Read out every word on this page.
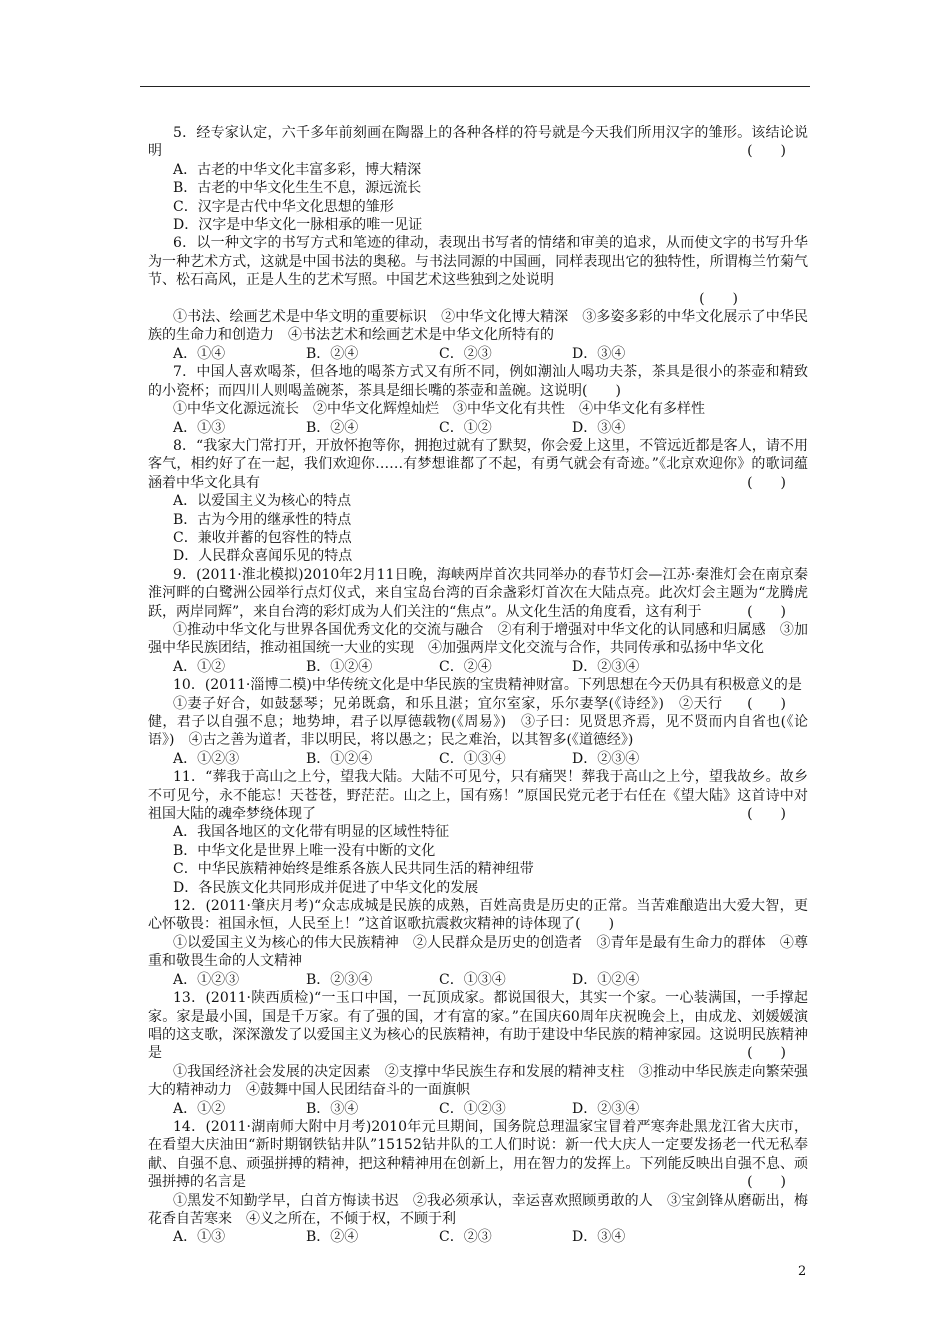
5．经专家认定，六千多年前刻画在陶器上的各种各样的符号就是今天我们所用汉字的雏形。该结论说明	(　　)

A．古老的中华文化丰富多彩，博大精深

B．古老的中华文化生生不息，源远流长

C．汉字是古代中华文化思想的雏形

D．汉字是中华文化一脉相承的唯一见证

6．以一种文字的书写方式和笔迹的律动，表现出书写者的情绪和审美的追求，从而使文字的书写升华为一种艺术方式，这就是中国书法的奥秘。与书法同源的中国画，同样表现出它的独特性，所谓梅兰竹菊气节、松石高风，正是人生的艺术写照。中国艺术这些独到之处说明

(　　)

①书法、绘画艺术是中华文明的重要标识　②中华文化博大精深　③多姿多彩的中华文化展示了中华民族的生命力和创造力　④书法艺术和绘画艺术是中华文化所特有的

A．①④	B．②④	C．②③	D．③④

7．中国人喜欢喝茶，但各地的喝茶方式又有所不同，例如潮汕人喝功夫茶，茶具是很小的茶壶和精致的小瓷杯；而四川人则喝盖碗茶，茶具是细长嘴的茶壶和盖碗。这说明(　　)

①中华文化源远流长　②中华文化辉煌灿烂　③中华文化有共性　④中华文化有多样性

A．①③	B．②④	C．①②	D．③④

8．“我家大门常打开，开放怀抱等你，拥抱过就有了默契，你会爱上这里，不管远近都是客人，请不用客气，相约好了在一起，我们欢迎你……有梦想谁都了不起，有勇气就会有奇迹。”《北京欢迎你》的歌词蕴涵着中华文化具有	(　　)

A．以爱国主义为核心的特点

B．古为今用的继承性的特点

C．兼收并蓄的包容性的特点

D．人民群众喜闻乐见的特点

9．(2011·淮北模拟)2010年2月11日晚，海峡两岸首次共同举办的春节灯会—江苏·秦淮灯会在南京秦淮河畔的白鹭洲公园举行点灯仪式，来自宝岛台湾的百余盏彩灯首次在大陆点亮。此次灯会主题为“龙腾虎跃，两岸同辉”，来自台湾的彩灯成为人们关注的“焦点”。从文化生活的角度看，这有利于	(　　)

①推动中华文化与世界各国优秀文化的交流与融合　②有利于增强对中华文化的认同感和归属感　③加强中华民族团结，推动祖国统一大业的实现　④加强两岸文化交流与合作，共同传承和弘扬中华文化

A．①②	B．①②④	C．②④	D．②③④

10．(2011·淄博二模)中华传统文化是中华民族的宝贵精神财富。下列思想在今天仍具有积极意义的是
(　　)

①妻子好合，如鼓瑟琴；兄弟既翕，和乐且湛；宜尔室家，乐尔妻孥(《诗经》)　②天行健，君子以自强不息；地势坤，君子以厚德载物(《周易》)　③子曰：见贤思齐焉，见不贤而内自省也(《论语》)　④古之善为道者，非以明民，将以愚之；民之难治，以其智多(《道德经》)

A．①②③	B．①②④	C．①③④	D．②③④

11．“葬我于高山之上兮，望我大陆。大陆不可见兮，只有痛哭！葬我于高山之上兮，望我故乡。故乡不可见兮，永不能忘！天苍苍，野茫茫。山之上，国有殇！”原国民党元老于右任在《望大陆》这首诗中对祖国大陆的魂牵梦绕体现了	(　　)

A．我国各地区的文化带有明显的区域性特征

B．中华文化是世界上唯一没有中断的文化

C．中华民族精神始终是维系各族人民共同生活的精神纽带

D．各民族文化共同形成并促进了中华文化的发展

12．(2011·肇庆月考)“众志成城是民族的成熟，百姓高贵是历史的正常。当苦难酿造出大爱大智，更心怀敬畏：祖国永恒，人民至上！”这首讴歌抗震救灾精神的诗体现了(　　)

①以爱国主义为核心的伟大民族精神　②人民群众是历史的创造者　③青年是最有生命力的群体　④尊重和敬畏生命的人文精神

A．①②③	B．②③④	C．①③④	D．①②④

13．(2011·陕西质检)“一玉口中国，一瓦顶成家。都说国很大，其实一个家。一心装满国，一手撑起家。家是最小国，国是千万家。有了强的国，才有富的家。”在国庆60周年庆祝晚会上，由成龙、刘媛媛演唱的这支歌，深深激发了以爱国主义为核心的民族精神，有助于建设中华民族的精神家园。这说明民族精神是	(　　)

①我国经济社会发展的决定因素　②支撑中华民族生存和发展的精神支柱　③推动中华民族走向繁荣强大的精神动力　④鼓舞中国人民团结奋斗的一面旗帜

A．①②	B．③④	C．①②③	D．②③④

14．(2011·湖南师大附中月考)2010年元旦期间，国务院总理温家宝冒着严寒奔赴黑龙江省大庆市，在看望大庆油田“新时期钢铁钻井队”15152钻井队的工人们时说：新一代大庆人一定要发扬老一代无私奉献、自强不息、顽强拼搏的精神，把这种精神用在创新上，用在智力的发挥上。下列能反映出自强不息、顽强拼搏的名言是	(　　)

①黑发不知勤学早，白首方悔读书迟　②我必须承认，幸运喜欢照顾勇敢的人　③宝剑锋从磨砺出，梅花香自苦寒来　④义之所在，不倾于权，不顾于利

A．①③	B．②④	C．②③	D．③④

2
